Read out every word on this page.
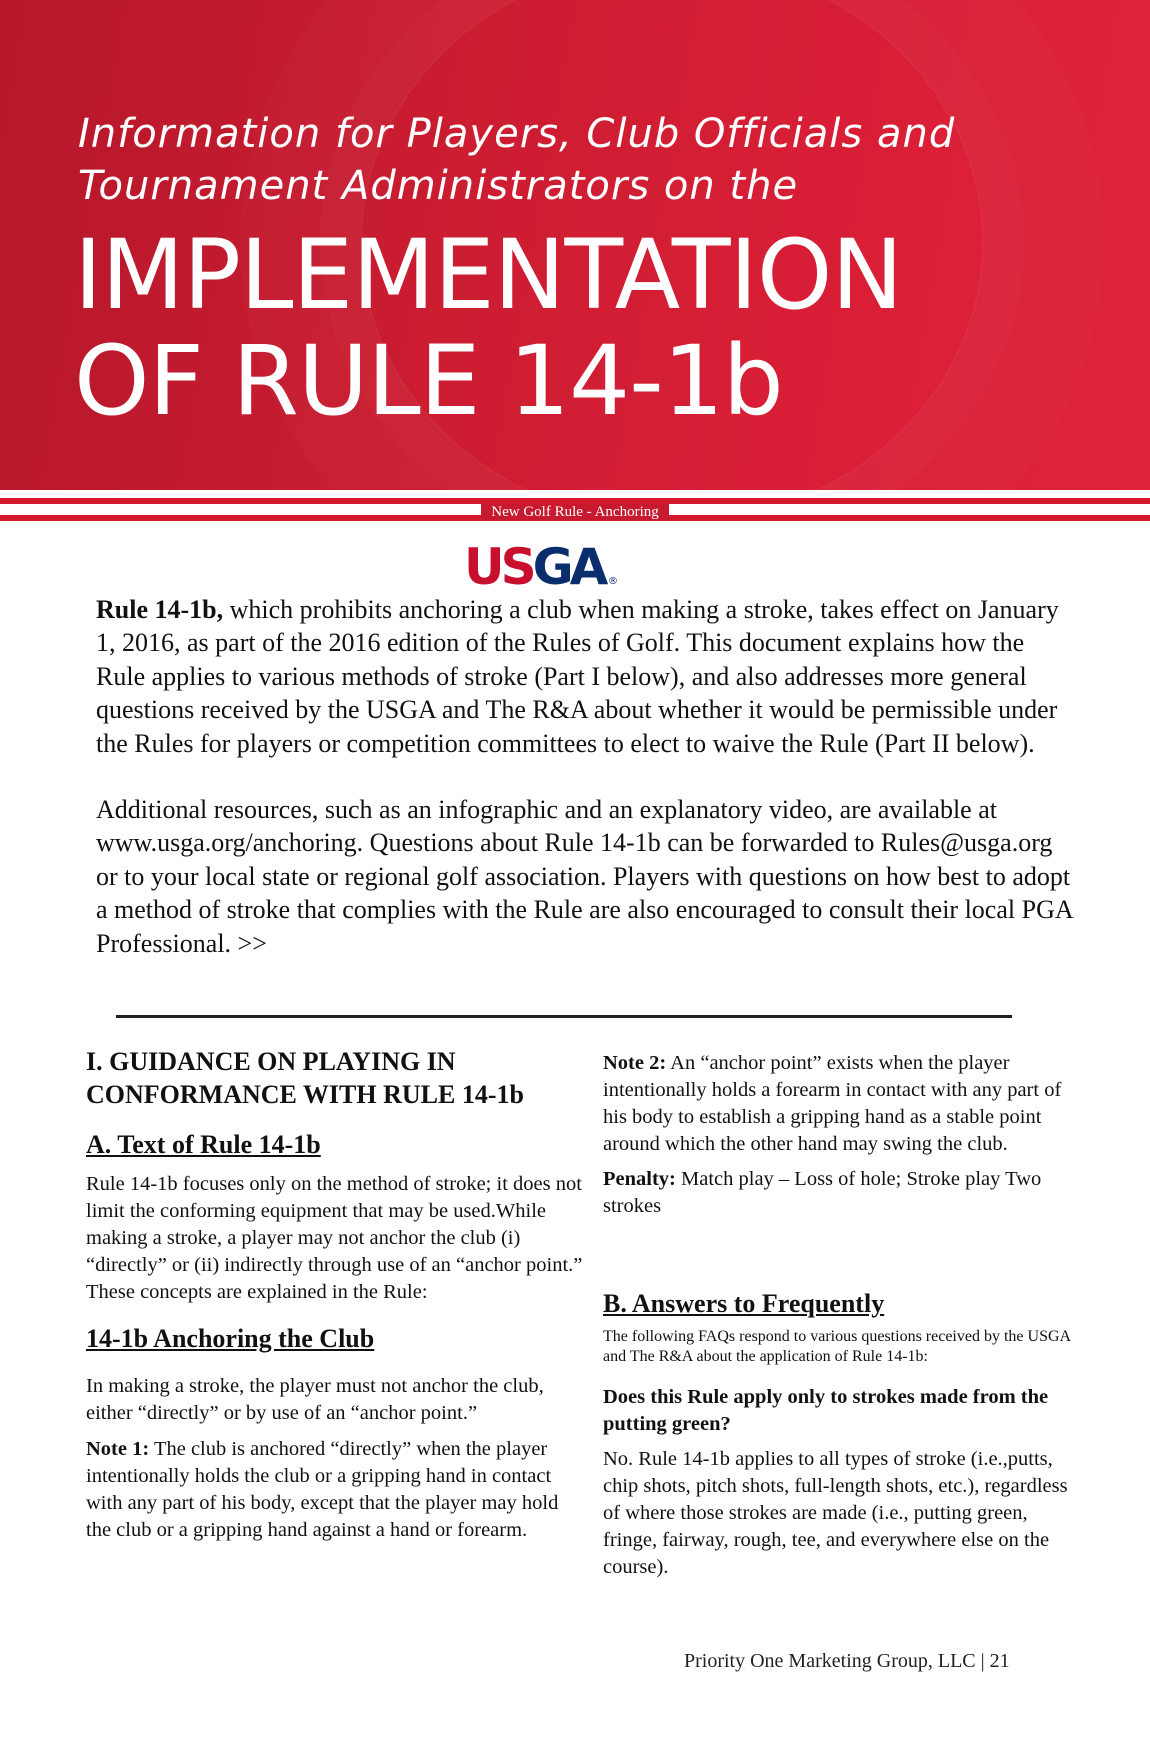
Information for Players, Club Officials and
Tournament Administrators on the
IMPLEMENTATION
OF RULE 14-1b
New Golf Rule - Anchoring
USGA ®

Rule 14-1b, which prohibits anchoring a club when making a stroke, takes effect on January 1, 2016, as part of the 2016 edition of the Rules of Golf. This document explains how the Rule applies to various methods of stroke (Part I below), and also addresses more general questions received by the USGA and The R&A about whether it would be permissible under the Rules for players or competition committees to elect to waive the Rule (Part II below).

Additional resources, such as an infographic and an explanatory video, are available at www.usga.org/anchoring. Questions about Rule 14-1b can be forwarded to Rules@usga.org or to your local state or regional golf association. Players with questions on how best to adopt a method of stroke that complies with the Rule are also encouraged to consult their local PGA Professional. >>

I. GUIDANCE ON PLAYING IN
CONFORMANCE WITH RULE 14-1b
A. Text of Rule 14-1b

Rule 14-1b focuses only on the method of stroke; it does not limit the conforming equipment that may be used.While making a stroke, a player may not anchor the club (i) “directly” or (ii) indirectly through use of an “anchor point.” These concepts are explained in the Rule:

14-1b Anchoring the Club

In making a stroke, the player must not anchor the club, either “directly” or by use of an “anchor point.”

Note 1: The club is anchored “directly” when the player intentionally holds the club or a gripping hand in contact with any part of his body, except that the player may hold the club or a gripping hand against a hand or forearm.

Note 2: An “anchor point” exists when the player intentionally holds a forearm in contact with any part of his body to establish a gripping hand as a stable point around which the other hand may swing the club.

Penalty: Match play – Loss of hole; Stroke play Two strokes

B. Answers to Frequently

The following FAQs respond to various questions received by the USGA and The R&A about the application of Rule 14-1b:

Does this Rule apply only to strokes made from the putting green?

No. Rule 14-1b applies to all types of stroke (i.e.,putts, chip shots, pitch shots, full-length shots, etc.), regardless of where those strokes are made (i.e., putting green, fringe, fairway, rough, tee, and everywhere else on the course).

Priority One Marketing Group, LLC | 21
